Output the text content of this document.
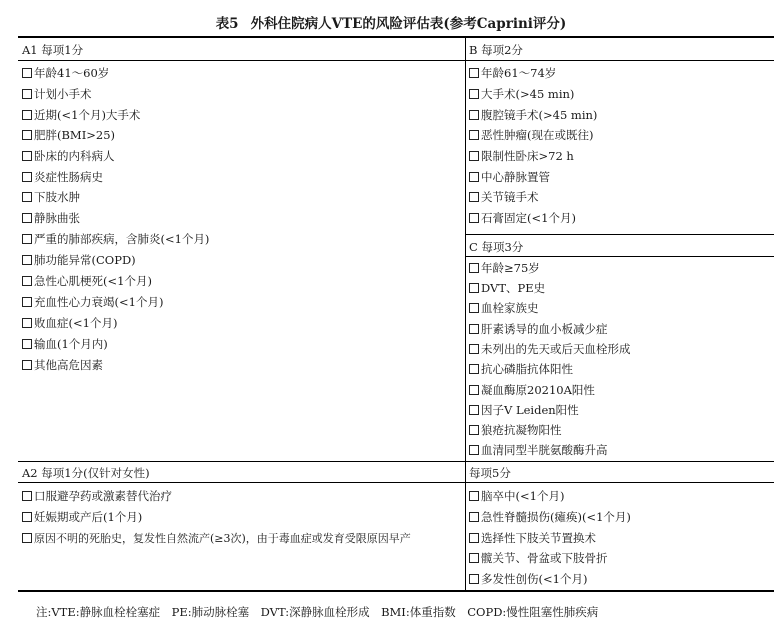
表5 外科住院病人VTE的风险评估表(参考Caprini评分)
A1 每项1分	B 每项2分
C 每项3分
A2 每项1分(仅针对女性)	每项5分
年龄41～60岁
计划小手术
近期(<1个月)大手术
肥胖(BMI>25)
卧床的内科病人
炎症性肠病史
下肢水肿
静脉曲张
严重的肺部疾病，含肺炎(<1个月)
肺功能异常(COPD)
急性心肌梗死(<1个月)
充血性心力衰竭(<1个月)
败血症(<1个月)
输血(1个月内)
其他高危因素
年龄61～74岁
大手术(>45 min)
腹腔镜手术(>45 min)
恶性肿瘤(现在或既往)
限制性卧床>72 h
中心静脉置管
关节镜手术
石膏固定(<1个月)
年龄≥75岁
DVT、PE史
血栓家族史
肝素诱导的血小板减少症
未列出的先天或后天血栓形成
抗心磷脂抗体阳性
凝血酶原20210A阳性
因子V Leiden阳性
狼疮抗凝物阳性
血清同型半胱氨酸酶升高
口服避孕药或激素替代治疗
妊娠期或产后(1个月)
原因不明的死胎史，复发性自然流产(≥3次)，由于毒血症或发育受限原因早产
脑卒中(<1个月)
急性脊髓损伤(瘫痪)(<1个月)
选择性下肢关节置换术
髋关节、骨盆或下肢骨折
多发性创伤(<1个月)
注:VTE:静脉血栓栓塞症　PE:肺动脉栓塞　DVT:深静脉血栓形成　BMI:体重指数　COPD:慢性阻塞性肺疾病
